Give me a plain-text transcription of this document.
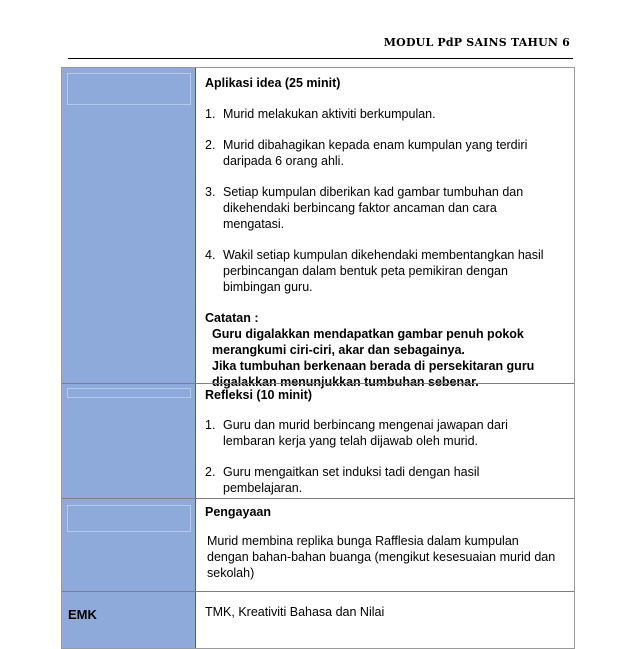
MODUL PdP SAINS TAHUN 6
Aplikasi idea (25 minit)
1. Murid melakukan aktiviti berkumpulan.
2. Murid dibahagikan kepada enam kumpulan yang terdiri
daripada 6 orang ahli.
3. Setiap kumpulan diberikan kad gambar tumbuhan dan
dikehendaki berbincang faktor ancaman dan cara
mengatasi.
4. Wakil setiap kumpulan dikehendaki membentangkan hasil
perbincangan dalam bentuk peta pemikiran dengan
bimbingan guru.
Catatan :
Guru digalakkan mendapatkan gambar penuh pokok
merangkumi ciri-ciri, akar dan sebagainya.
Jika tumbuhan berkenaan berada di persekitaran guru
digalakkan menunjukkan tumbuhan sebenar.
Refleksi (10 minit)
1. Guru dan murid berbincang mengenai jawapan dari
lembaran kerja yang telah dijawab oleh murid.
2. Guru mengaitkan set induksi tadi dengan hasil
pembelajaran.
Pengayaan
Murid membina replika bunga Rafflesia dalam kumpulan
dengan bahan-bahan buanga (mengikut kesesuaian murid dan
sekolah)
EMK	TMK, Kreativiti Bahasa dan Nilai
